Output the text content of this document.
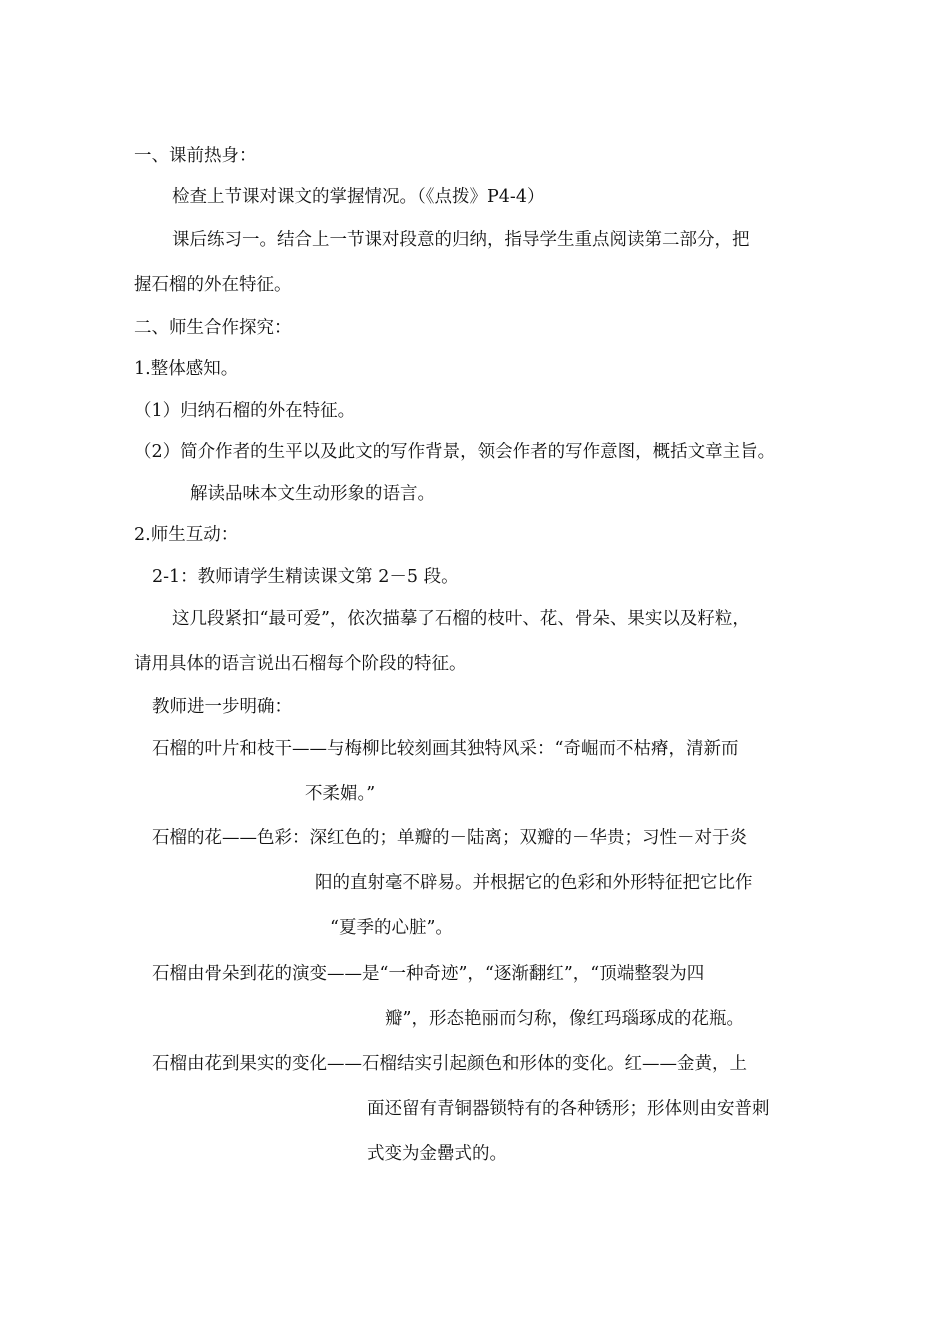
一、课前热身：
检查上节课对课文的掌握情况。（《点拨》P4-4）
课后练习一。结合上一节课对段意的归纳，指导学生重点阅读第二部分，把
握石榴的外在特征。
二、师生合作探究：
1.整体感知。
（1）归纳石榴的外在特征。
（2）简介作者的生平以及此文的写作背景，领会作者的写作意图，概括文章主旨。
解读品味本文生动形象的语言。
2.师生互动：
2-1：教师请学生精读课文第 2－5 段。
这几段紧扣“最可爱”，依次描摹了石榴的枝叶、花、骨朵、果实以及籽粒，
请用具体的语言说出石榴每个阶段的特征。
教师进一步明确：
石榴的叶片和枝干——与梅柳比较刻画其独特风采：“奇崛而不枯瘠，清新而
不柔媚。”
石榴的花——色彩：深红色的；单瓣的－陆离；双瓣的－华贵；习性－对于炎
阳的直射毫不辟易。并根据它的色彩和外形特征把它比作
“夏季的心脏”。
石榴由骨朵到花的演变——是“一种奇迹”，“逐渐翻红”，“顶端整裂为四
瓣”，形态艳丽而匀称，像红玛瑙琢成的花瓶。
石榴由花到果实的变化——石榴结实引起颜色和形体的变化。红——金黄，上
面还留有青铜器锁特有的各种锈形；形体则由安普刺
式变为金罍式的。
